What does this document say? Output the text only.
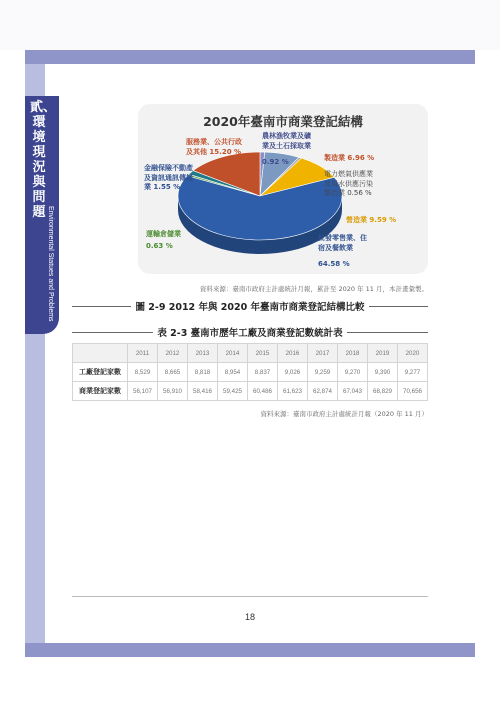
貳、環境現況與問題 Environmental Statues and Problems
2020年臺南市商業登記結構
農林漁牧業及礦
業及土石採取業
0.92 %	製造業 6.96 %
電力燃氣供應業
及用水供應污染
整治業 0.56 %
營造業 9.59 %
批發零售業、住
宿及餐飲業
64.58 %
運輸倉儲業
0.63 %
金融保險不動產
及資訊通訊傳播
業 1.55 %
服務業、公共行政
及其他 15.20 %
資料來源：臺南市政府主計處統計月報，累計至 2020 年 11 月，本計畫彙製。
圖 2-9 2012 年與 2020 年臺南市商業登記結構比較
表 2-3 臺南市歷年工廠及商業登記數統計表
	2011	2012	2013	2014	2015	2016	2017	2018	2019	2020
工廠登記家數	8,529	8,665	8,818	8,954	8,837	9,026	9,259	9,270	9,390	9,277
商業登記家數	56,107	56,910	58,416	59,425	60,486	61,623	62,874	67,043	68,829	70,656
資料來源：臺南市政府主計處統計月報（2020 年 11 月）
18
